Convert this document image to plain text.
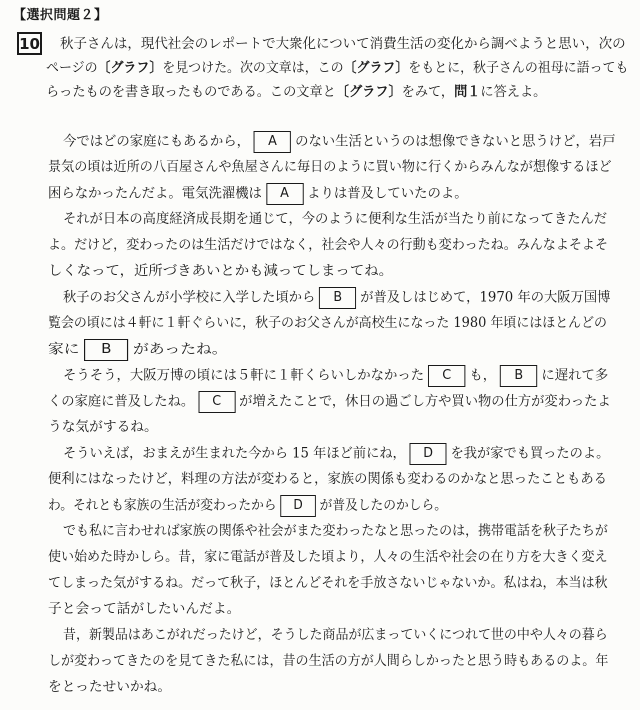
【選択問題２】
10 秋子さんは，現代社会のレポートで大衆化について消費生活の変化から調べようと思い，次の
ページの〔グラフ〕を見つけた。次の文章は，この〔グラフ〕をもとに，秋子さんの祖母に語っても
らったものを書き取ったものである。この文章と〔グラフ〕をみて，問１に答えよ。
今ではどの家庭にもあるから， A のない生活というのは想像できないと思うけど，岩戸
景気の頃は近所の八百屋さんや魚屋さんに毎日のように買い物に行くからみんなが想像するほど
困らなかったんだよ。電気洗濯機は A よりは普及していたのよ。
それが日本の高度経済成長期を通じて，今のように便利な生活が当たり前になってきたんだ
よ。だけど，変わったのは生活だけではなく，社会や人々の行動も変わったね。みんなよそよそ
しくなって，近所づきあいとかも減ってしまってね。
秋子のお父さんが小学校に入学した頃から B が普及しはじめて，1970 年の大阪万国博
覧会の頃には４軒に１軒ぐらいに，秋子のお父さんが高校生になった 1980 年頃にはほとんどの
家に B があったね。
そうそう，大阪万博の頃には５軒に１軒くらいしかなかった C も， B に遅れて多
くの家庭に普及したね。 C が増えたことで，休日の過ごし方や買い物の仕方が変わったよ
うな気がするね。
そういえば，おまえが生まれた今から 15 年ほど前にね， D を我が家でも買ったのよ。
便利にはなったけど，料理の方法が変わると，家族の関係も変わるのかなと思ったこともある
わ。それとも家族の生活が変わったから D が普及したのかしら。
でも私に言わせれば家族の関係や社会がまた変わったなと思ったのは，携帯電話を秋子たちが
使い始めた時かしら。昔，家に電話が普及した頃より，人々の生活や社会の在り方を大きく変え
てしまった気がするね。だって秋子，ほとんどそれを手放さないじゃないか。私はね，本当は秋
子と会って話がしたいんだよ。
昔，新製品はあこがれだったけど，そうした商品が広まっていくにつれて世の中や人々の暮ら
しが変わってきたのを見てきた私には，昔の生活の方が人間らしかったと思う時もあるのよ。年
をとったせいかね。
